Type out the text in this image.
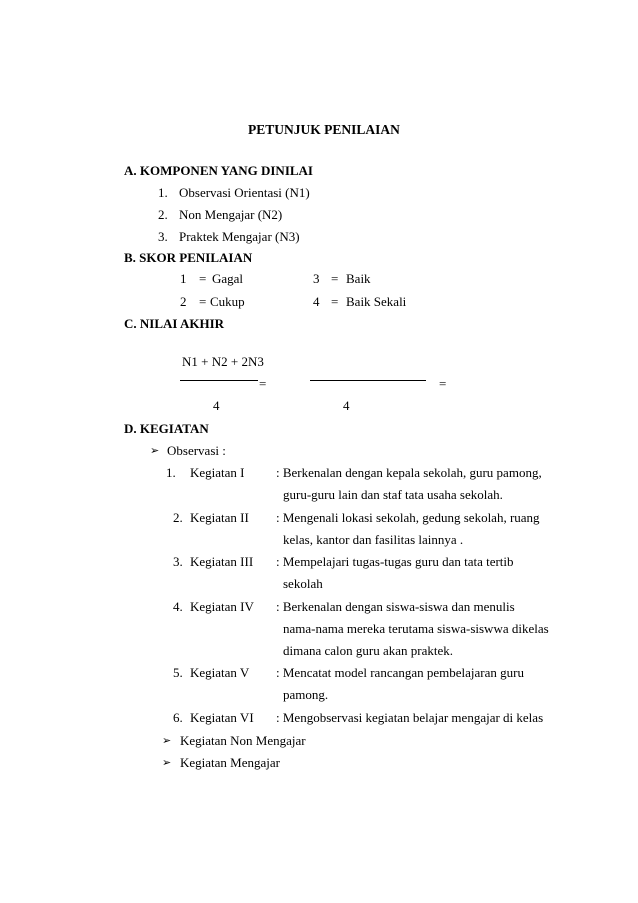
PETUNJUK PENILAIAN
A. KOMPONEN YANG DINILAI
1. Observasi Orientasi (N1)
2. Non Mengajar (N2)
3. Praktek Mengajar (N3)
B. SKOR PENILAIAN
1 = Gagal	3 = Baik
2 = Cukup	4 = Baik Sekali
C. NILAI AKHIR
N1 + N2 + 2N3
=	=
4	4
D. KEGIATAN
➢ Observasi :
1. Kegiatan I : Berkenalan dengan kepala sekolah, guru pamong,
guru-guru lain dan staf tata usaha sekolah.
2. Kegiatan II : Mengenali lokasi sekolah, gedung sekolah, ruang
kelas, kantor dan fasilitas lainnya .
3. Kegiatan III : Mempelajari tugas-tugas guru dan tata tertib
sekolah
4. Kegiatan IV : Berkenalan dengan siswa-siswa dan menulis
nama-nama mereka terutama siswa-siswwa dikelas
dimana calon guru akan praktek.
5. Kegiatan V : Mencatat model rancangan pembelajaran guru
pamong.
6. Kegiatan VI : Mengobservasi kegiatan belajar mengajar di kelas
➢ Kegiatan Non Mengajar
➢ Kegiatan Mengajar
